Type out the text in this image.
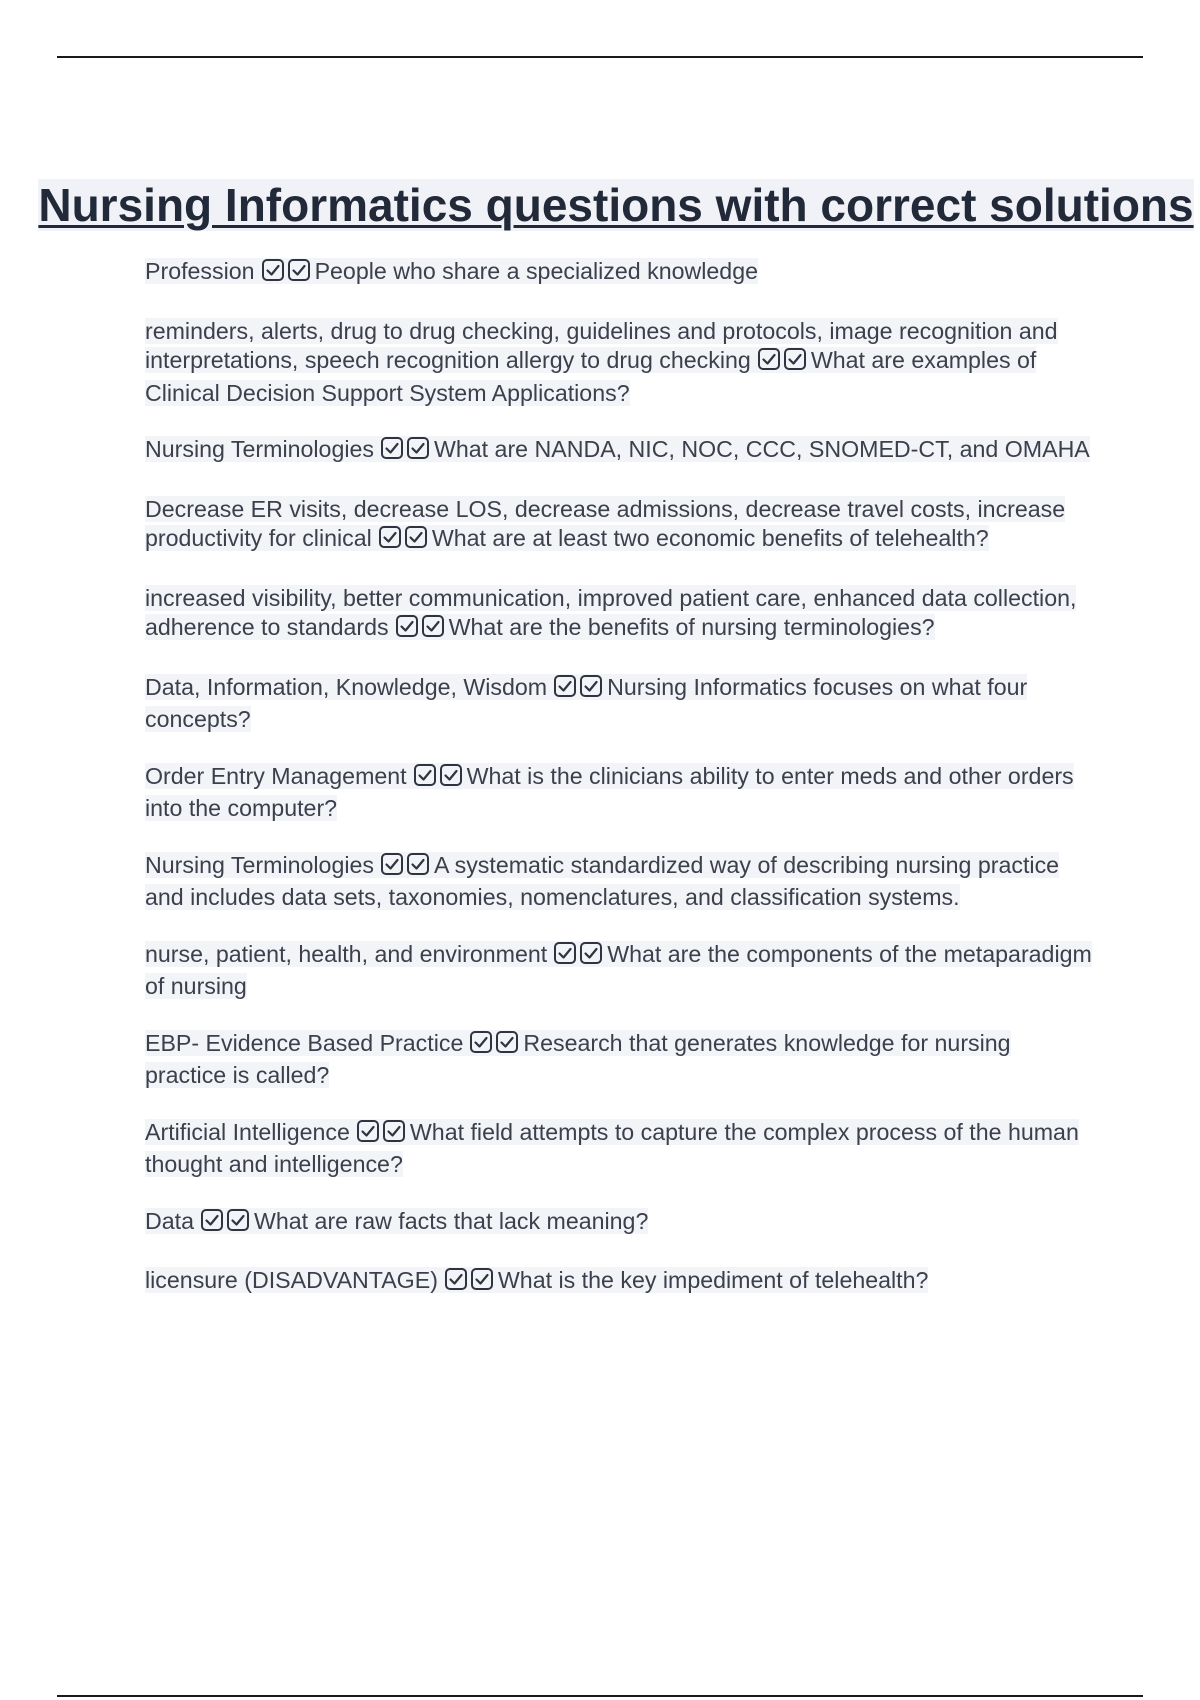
Nursing Informatics questions with correct solutions

Profession	People who share a specialized knowledge

reminders, alerts, drug to drug checking, guidelines and protocols, image recognition and interpretations, speech recognition allergy to drug checking	What are examples of Clinical Decision Support System Applications?

Nursing Terminologies	What are NANDA, NIC, NOC, CCC, SNOMED-CT, and OMAHA

Decrease ER visits, decrease LOS, decrease admissions, decrease travel costs, increase productivity for clinical	What are at least two economic benefits of telehealth?

increased visibility, better communication, improved patient care, enhanced data collection, adherence to standards	What are the benefits of nursing terminologies?

Data, Information, Knowledge, Wisdom	Nursing Informatics focuses on what four concepts?

Order Entry Management	What is the clinicians ability to enter meds and other orders into the computer?

Nursing Terminologies	A systematic standardized way of describing nursing practice and includes data sets, taxonomies, nomenclatures, and classification systems.

nurse, patient, health, and environment	What are the components of the metaparadigm of nursing

EBP- Evidence Based Practice	Research that generates knowledge for nursing practice is called?

Artificial Intelligence	What field attempts to capture the complex process of the human thought and intelligence?

Data	What are raw facts that lack meaning?

licensure (DISADVANTAGE)	What is the key impediment of telehealth?
